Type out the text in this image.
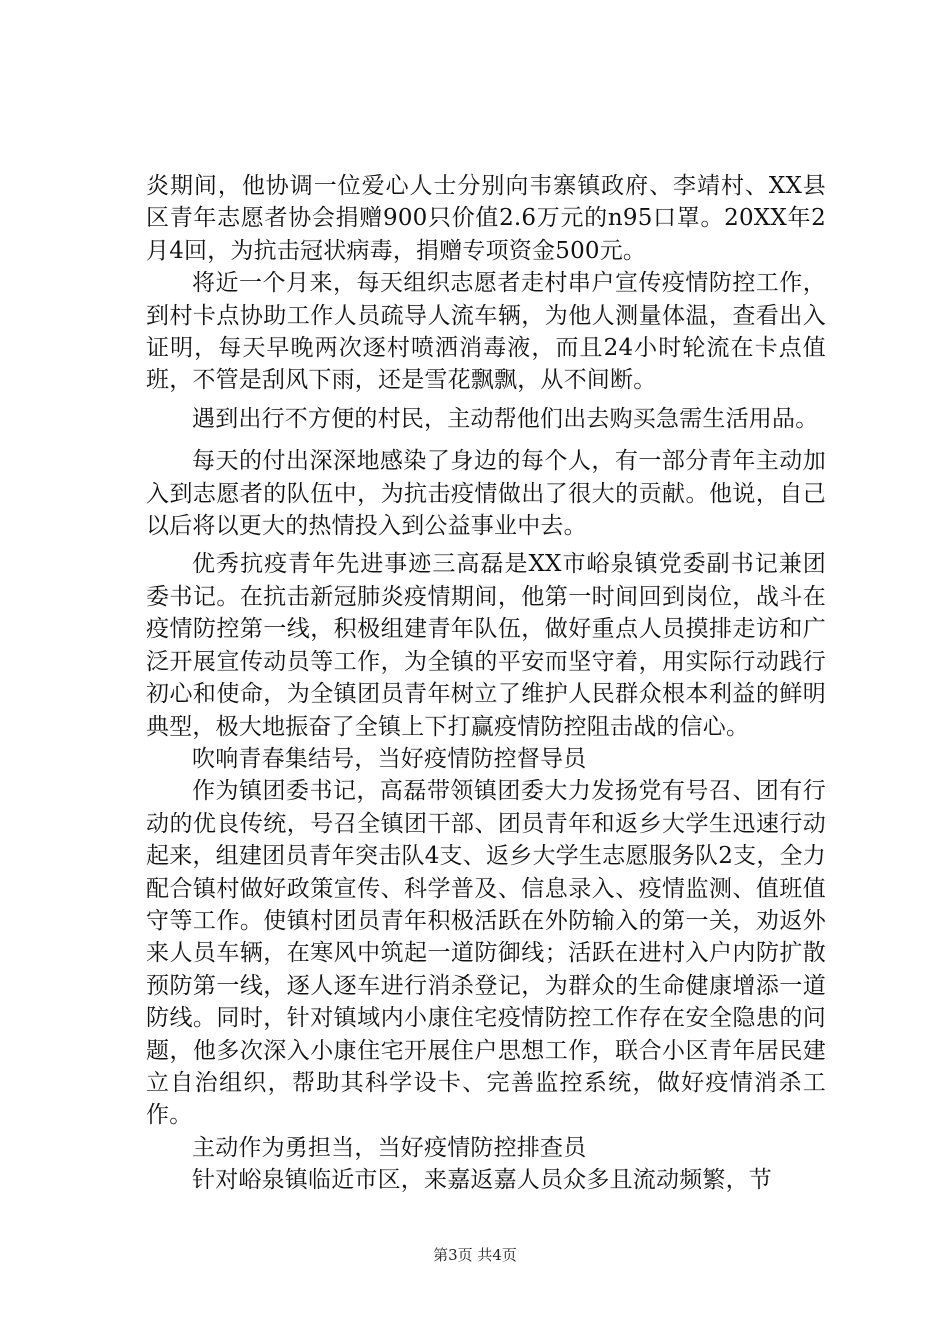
炎期间，他协调一位爱心人士分别向韦寨镇政府、李靖村、XX县区青年志愿者协会捐赠900只价值2.6万元的n95口罩。20XX年2月4回，为抗击冠状病毒，捐赠专项资金500元。

将近一个月来，每天组织志愿者走村串户宣传疫情防控工作，到村卡点协助工作人员疏导人流车辆，为他人测量体温，查看出入证明，每天早晚两次逐村喷洒消毒液，而且24小时轮流在卡点值班，不管是刮风下雨，还是雪花飘飘，从不间断。

遇到出行不方便的村民，主动帮他们出去购买急需生活用品。

每天的付出深深地感染了身边的每个人，有一部分青年主动加入到志愿者的队伍中，为抗击疫情做出了很大的贡献。他说，自己以后将以更大的热情投入到公益事业中去。

优秀抗疫青年先进事迹三高磊是XX市峪泉镇党委副书记兼团委书记。在抗击新冠肺炎疫情期间，他第一时间回到岗位，战斗在疫情防控第一线，积极组建青年队伍，做好重点人员摸排走访和广泛开展宣传动员等工作，为全镇的平安而坚守着，用实际行动践行初心和使命，为全镇团员青年树立了维护人民群众根本利益的鲜明典型，极大地振奋了全镇上下打赢疫情防控阻击战的信心。

吹响青春集结号，当好疫情防控督导员

作为镇团委书记，高磊带领镇团委大力发扬党有号召、团有行动的优良传统，号召全镇团干部、团员青年和返乡大学生迅速行动起来，组建团员青年突击队4支、返乡大学生志愿服务队2支，全力配合镇村做好政策宣传、科学普及、信息录入、疫情监测、值班值守等工作。使镇村团员青年积极活跃在外防输入的第一关，劝返外来人员车辆，在寒风中筑起一道防御线；活跃在进村入户内防扩散预防第一线，逐人逐车进行消杀登记，为群众的生命健康增添一道防线。同时，针对镇域内小康住宅疫情防控工作存在安全隐患的问题，他多次深入小康住宅开展住户思想工作，联合小区青年居民建立自治组织，帮助其科学设卡、完善监控系统，做好疫情消杀工作。

主动作为勇担当，当好疫情防控排查员

针对峪泉镇临近市区，来嘉返嘉人员众多且流动频繁，节

第3页 共4页
